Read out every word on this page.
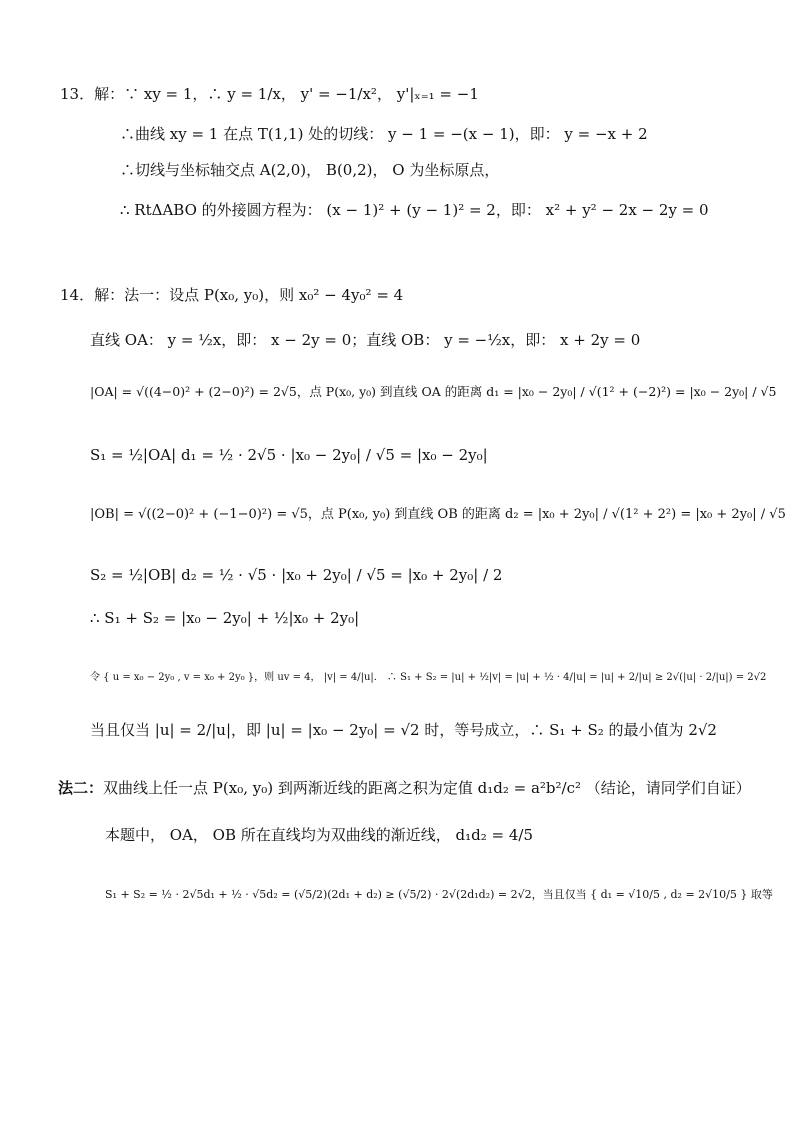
13．解：∵ xy = 1，∴ y = 1/x， y' = −1/x²， y'|ₓ₌₁ = −1
∴曲线 xy = 1 在点 T(1,1) 处的切线： y − 1 = −(x − 1)，即： y = −x + 2
∴切线与坐标轴交点 A(2,0)， B(0,2)， O 为坐标原点，
∴ RtΔABO 的外接圆方程为： (x − 1)² + (y − 1)² = 2，即： x² + y² − 2x − 2y = 0
14．解：法一：设点 P(x₀, y₀)，则 x₀² − 4y₀² = 4
直线 OA： y = ½x，即： x − 2y = 0；直线 OB： y = −½x，即： x + 2y = 0
|OA| = √((4−0)² + (2−0)²) = 2√5，点 P(x₀, y₀) 到直线 OA 的距离 d₁ = |x₀ − 2y₀| / √(1² + (−2)²) = |x₀ − 2y₀| / √5
S₁ = ½|OA| d₁ = ½ · 2√5 · |x₀ − 2y₀| / √5 = |x₀ − 2y₀|
|OB| = √((2−0)² + (−1−0)²) = √5，点 P(x₀, y₀) 到直线 OB 的距离 d₂ = |x₀ + 2y₀| / √(1² + 2²) = |x₀ + 2y₀| / √5
S₂ = ½|OB| d₂ = ½ · √5 · |x₀ + 2y₀| / √5 = |x₀ + 2y₀| / 2
∴ S₁ + S₂ = |x₀ − 2y₀| + ½|x₀ + 2y₀|
令 { u = x₀ − 2y₀ , v = x₀ + 2y₀ }，则 uv = 4， |v| = 4/|u|． ∴ S₁ + S₂ = |u| + ½|v| = |u| + ½ · 4/|u| = |u| + 2/|u| ≥ 2√(|u| · 2/|u|) = 2√2
当且仅当 |u| = 2/|u|，即 |u| = |x₀ − 2y₀| = √2 时，等号成立，∴ S₁ + S₂ 的最小值为 2√2
法二：双曲线上任一点 P(x₀, y₀) 到两渐近线的距离之积为定值 d₁d₂ = a²b²/c² （结论，请同学们自证）
本题中， OA， OB 所在直线均为双曲线的渐近线， d₁d₂ = 4/5
S₁ + S₂ = ½ · 2√5d₁ + ½ · √5d₂ = (√5/2)(2d₁ + d₂) ≥ (√5/2) · 2√(2d₁d₂) = 2√2，当且仅当 { d₁ = √10/5 , d₂ = 2√10/5 } 取等
